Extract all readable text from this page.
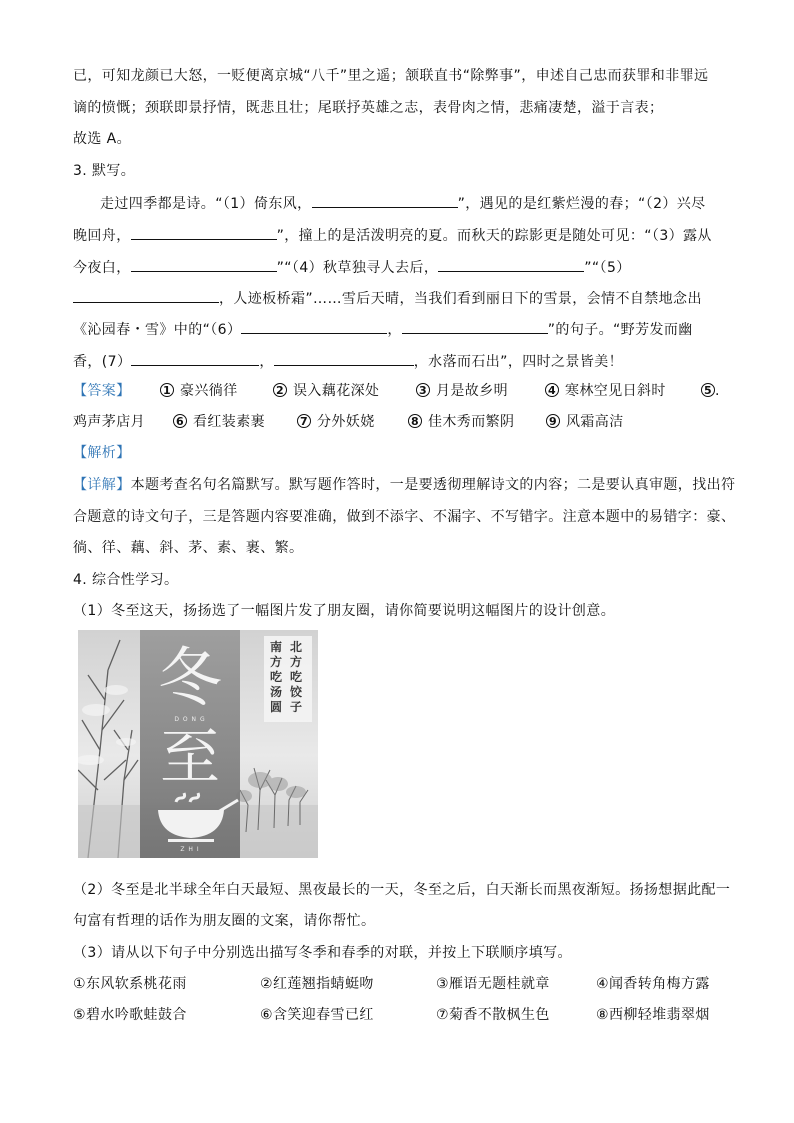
已，可知龙颜已大怒，一贬便离京城“八千”里之遥；颔联直书“除弊事”，申述自己忠而获罪和非罪远
谪的愤慨；颈联即景抒情，既悲且壮；尾联抒英雄之志，表骨肉之情，悲痛凄楚，溢于言表；
故选 A。
3. 默写。
走过四季都是诗。“（1）倚东风，	”，遇见的是红紫烂漫的春；“（2）兴尽
晚回舟，	”，撞上的是活泼明亮的夏。而秋天的踪影更是随处可见：“（3）露从
今夜白，	”“（4）秋草独寻人去后，	”“（5）
，人迹板桥霜”……雪后天晴，当我们看到丽日下的雪景，会情不自禁地念出
《沁园春・雪》中的“（6）	，	”的句子。“野芳发而幽
香，(7）	，	，水落而石出”，四时之景皆美！
【答案】	1 豪兴徜徉	2 误入藕花深处	3 月是故乡明	4 寒林空见日斜时	5 .
鸡声茅店月	6 看红装素裹	7 分外妖娆	8 佳木秀而繁阴	9 风霜高洁
【解析】
【详解】本题考查名句名篇默写。默写题作答时，一是要透彻理解诗文的内容；二是要认真审题，找出符
合题意的诗文句子，三是答题内容要准确，做到不添字、不漏字、不写错字。注意本题中的易错字：豪、
徜、徉、藕、斜、茅、素、裹、繁。
4. 综合性学习。
（1）冬至这天，扬扬选了一幅图片发了朋友圈，请你简要说明这幅图片的设计创意。
冬
D O N G
至
Z H I
北方吃饺子
南方吃汤圆
（2）冬至是北半球全年白天最短、黑夜最长的一天，冬至之后，白天渐长而黑夜渐短。扬扬想据此配一
句富有哲理的话作为朋友圈的文案，请你帮忙。
（3）请从以下句子中分别选出描写冬季和春季的对联，并按上下联顺序填写。
①东风软系桃花雨	②红莲翘指蜻蜓吻	③雁语无题桂就章	④闻香转角梅方露
⑤碧水吟歌蛙鼓合	⑥含笑迎春雪已红	⑦菊香不散枫生色	⑧西柳轻堆翡翠烟
